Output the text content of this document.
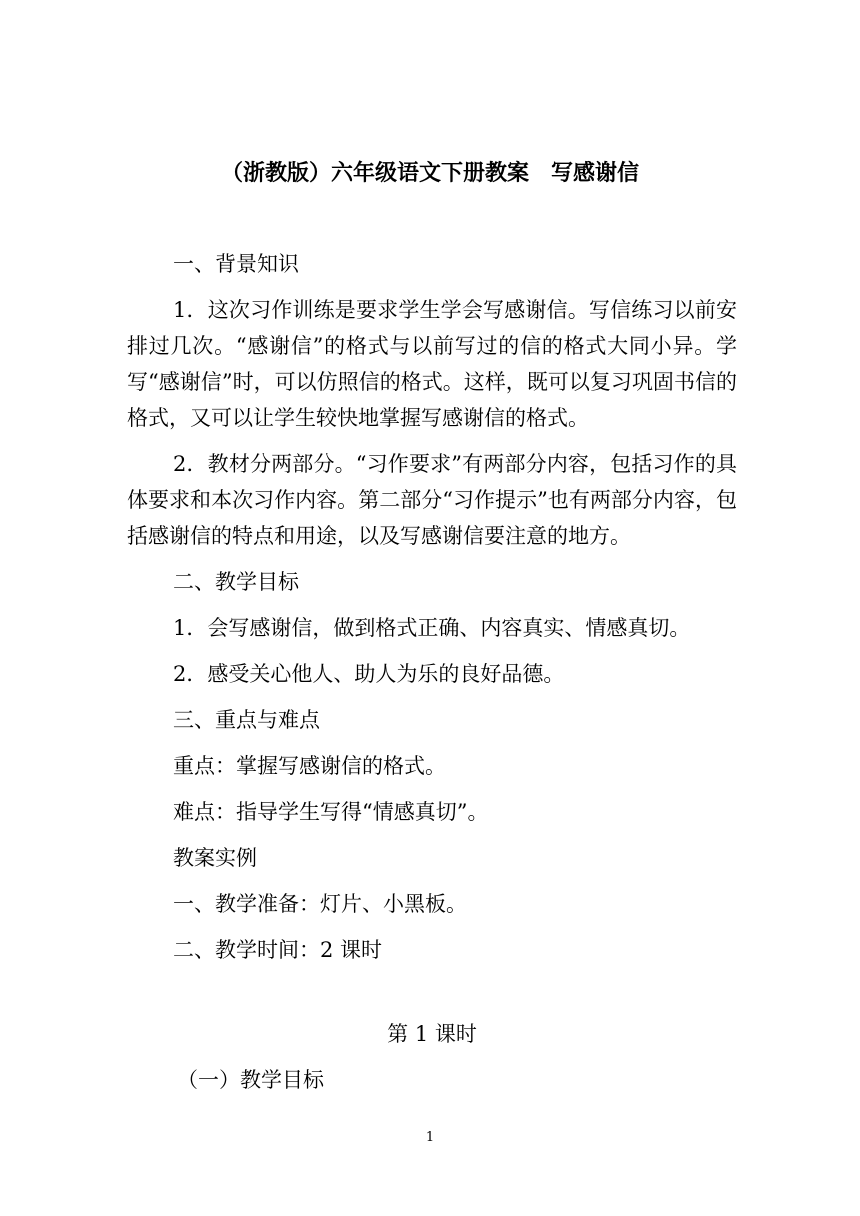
（浙教版）六年级语文下册教案 写感谢信

一、背景知识

1．这次习作训练是要求学生学会写感谢信。写信练习以前安排过几次。“感谢信”的格式与以前写过的信的格式大同小异。学写“感谢信”时，可以仿照信的格式。这样，既可以复习巩固书信的格式，又可以让学生较快地掌握写感谢信的格式。

2．教材分两部分。“习作要求”有两部分内容，包括习作的具体要求和本次习作内容。第二部分“习作提示”也有两部分内容，包括感谢信的特点和用途，以及写感谢信要注意的地方。

二、教学目标

1．会写感谢信，做到格式正确、内容真实、情感真切。

2．感受关心他人、助人为乐的良好品德。

三、重点与难点

重点：掌握写感谢信的格式。

难点：指导学生写得“情感真切”。

教案实例

一、教学准备：灯片、小黑板。

二、教学时间：2 课时

第 1 课时

（一）教学目标

1
